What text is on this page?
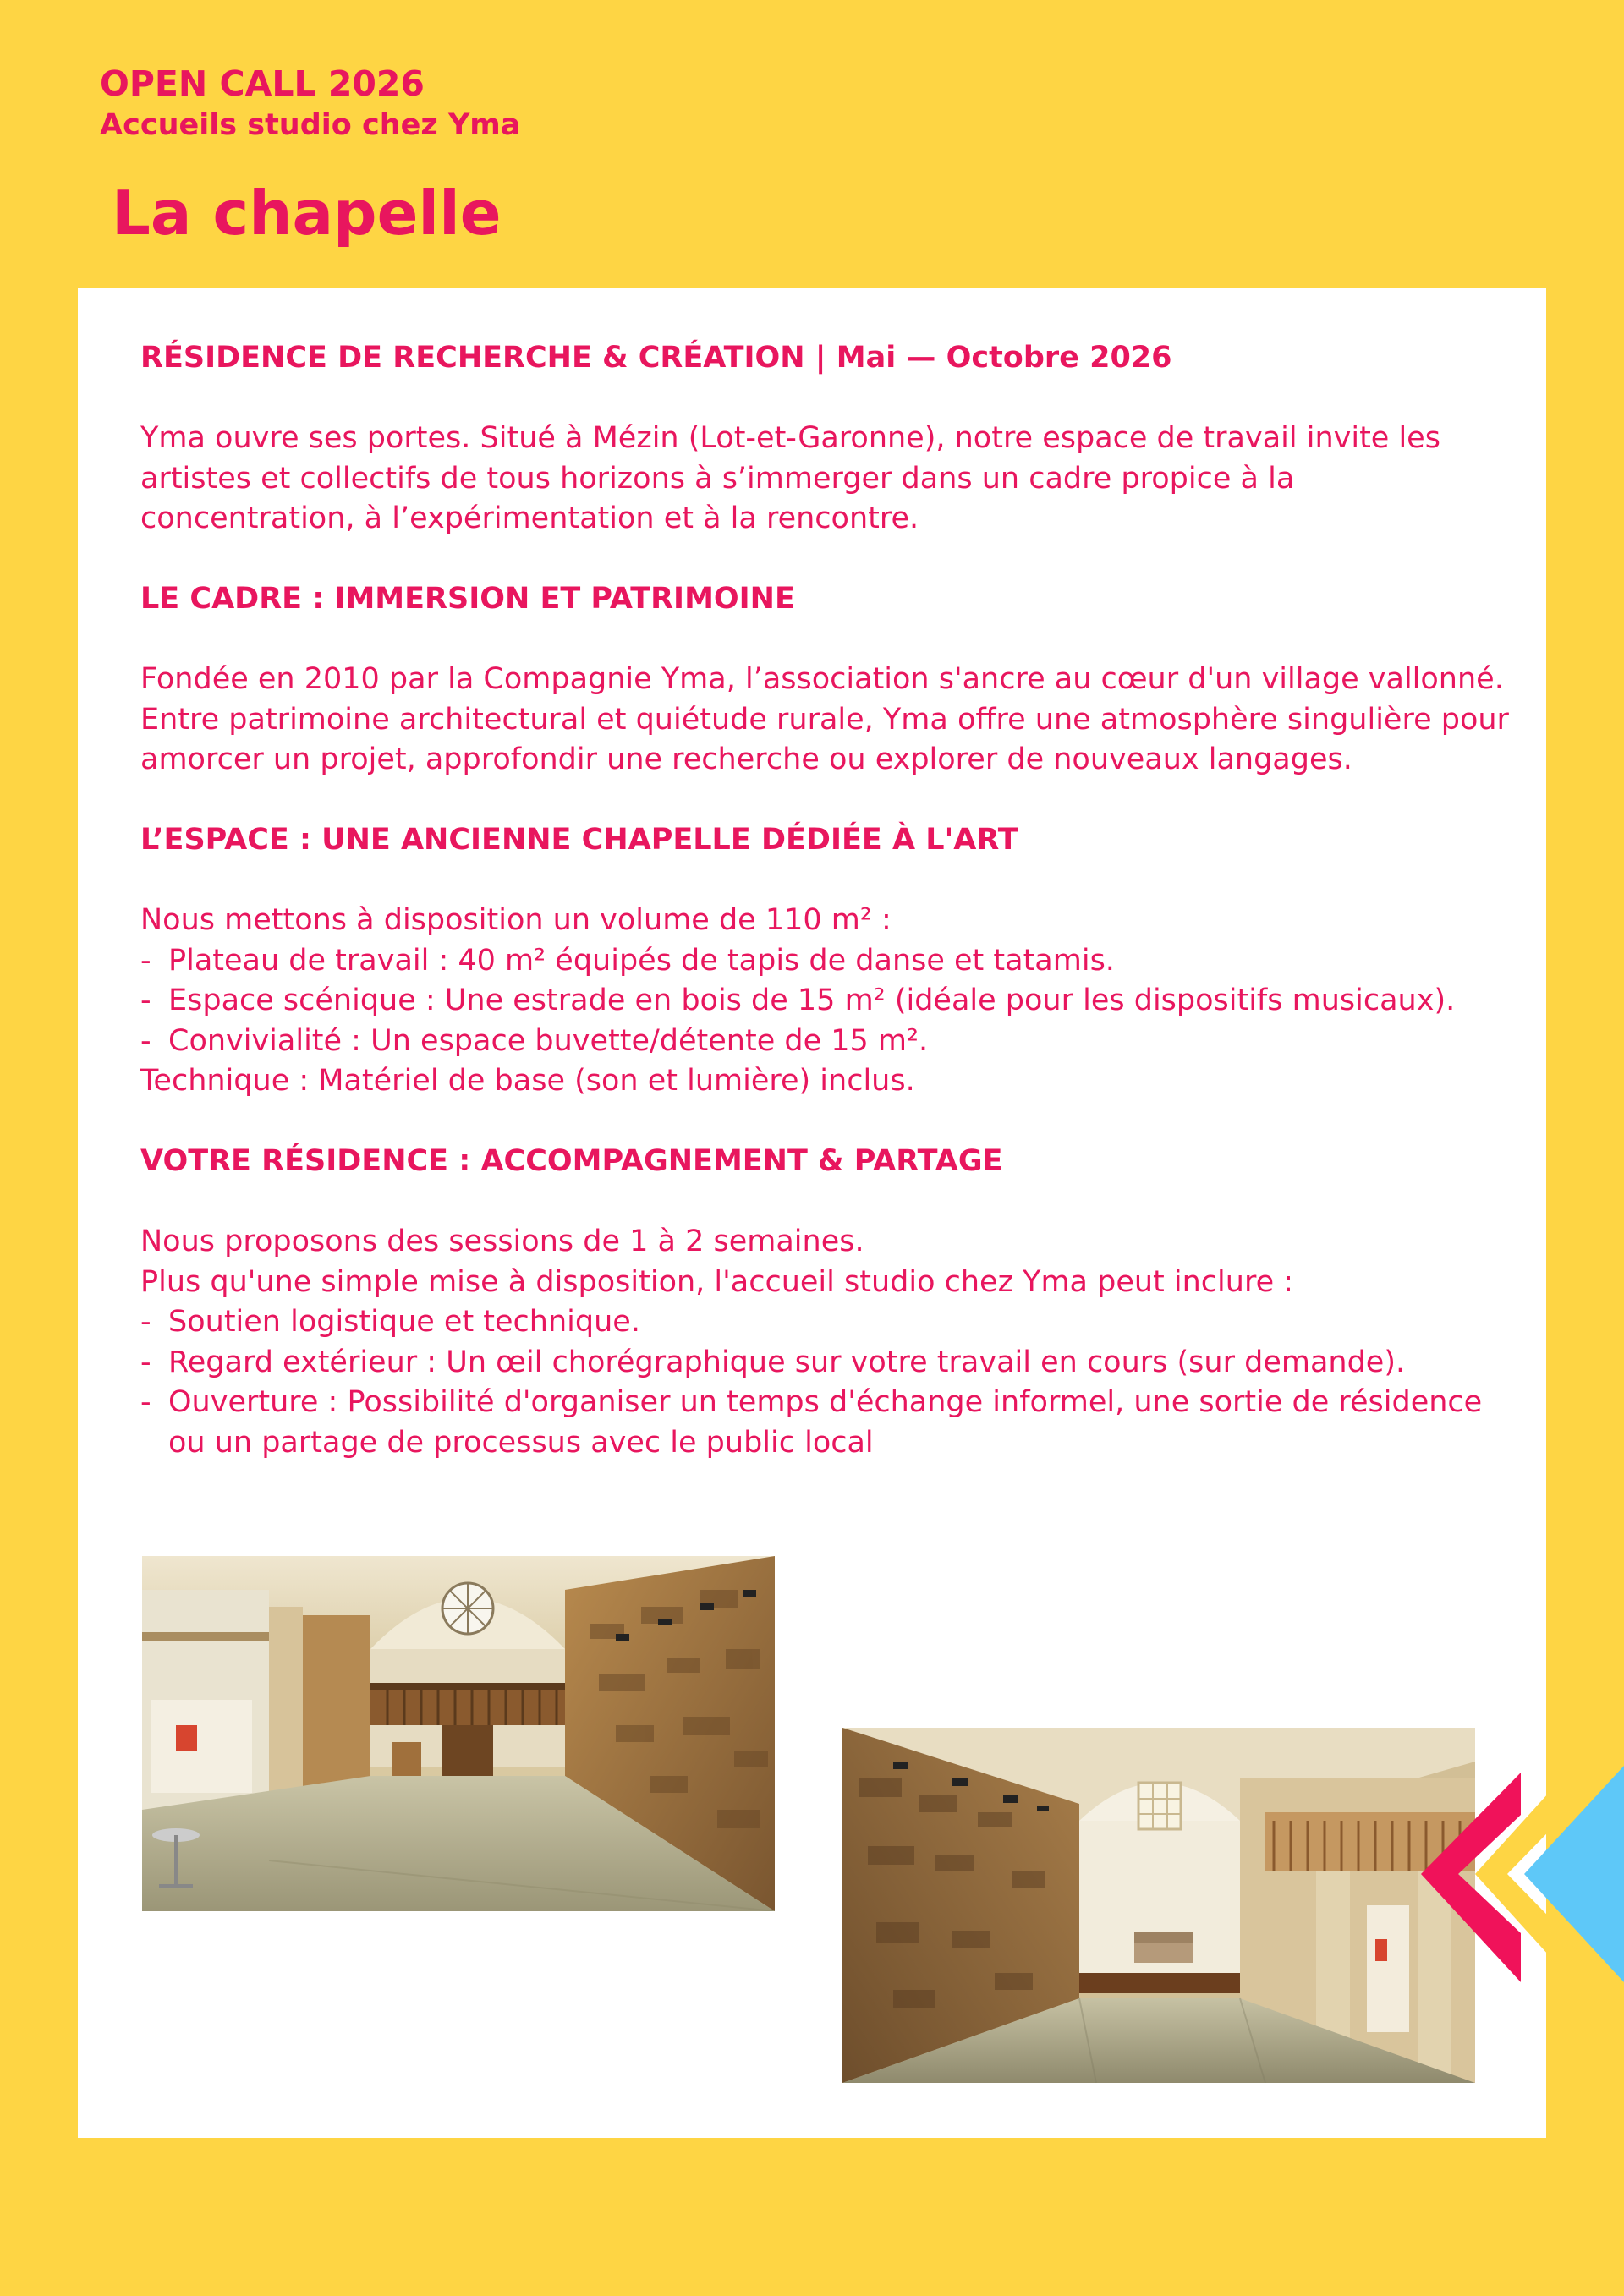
OPEN CALL 2026
Accueils studio chez Yma
La chapelle

RÉSIDENCE DE RECHERCHE & CRÉATION | Mai — Octobre 2026

Yma ouvre ses portes. Situé à Mézin (Lot-et-Garonne), notre espace de travail invite les artistes et collectifs de tous horizons à s’immerger dans un cadre propice à la concentration, à l’expérimentation et à la rencontre.

LE CADRE : IMMERSION ET PATRIMOINE

Fondée en 2010 par la Compagnie Yma, l’association s'ancre au cœur d'un village vallonné. Entre patrimoine architectural et quiétude rurale, Yma offre une atmosphère singulière pour amorcer un projet, approfondir une recherche ou explorer de nouveaux langages.

L’ESPACE : UNE ANCIENNE CHAPELLE DÉDIÉE À L'ART

Nous mettons à disposition un volume de 110 m² :

- Plateau de travail : 40 m² équipés de tapis de danse et tatamis.
- Espace scénique : Une estrade en bois de 15 m² (idéale pour les dispositifs musicaux).
- Convivialité : Un espace buvette/détente de 15 m².

Technique : Matériel de base (son et lumière) inclus.

VOTRE RÉSIDENCE : ACCOMPAGNEMENT & PARTAGE

Nous proposons des sessions de 1 à 2 semaines.

Plus qu'une simple mise à disposition, l'accueil studio chez Yma peut inclure :

- Soutien logistique et technique.
- Regard extérieur : Un œil chorégraphique sur votre travail en cours (sur demande).
- Ouverture : Possibilité d'organiser un temps d'échange informel, une sortie de résidence ou un partage de processus avec le public local
